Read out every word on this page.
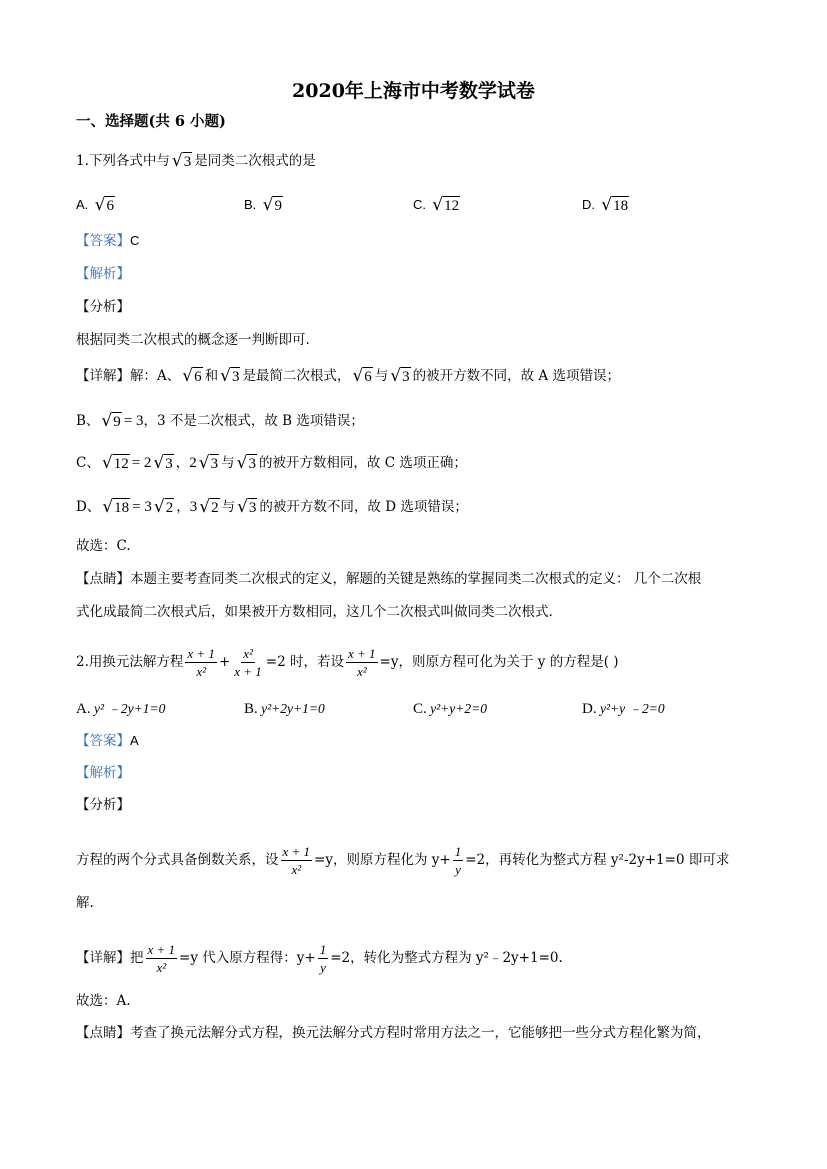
2020年上海市中考数学试卷
一、选择题(共 6 小题)
1.下列各式中与 √ 3 是同类二次根式的是
A. √ 6	B. √ 9	C. √ 12	D. √ 18
【答案】C
【解析】
【分析】
根据同类二次根式的概念逐一判断即可.
【详解】解：A、 √ 6 和 √ 3 是最简二次根式， √ 6 与 √ 3 的被开方数不同，故 A 选项错误；
B、 √ 9 = 3，3 不是二次根式，故 B 选项错误；
C、 √ 12 = 2 √ 3 ，2 √ 3 与 √ 3 的被开方数相同，故 C 选项正确；
D、 √ 18 = 3 √ 2 ，3 √ 2 与 √ 3 的被开方数不同，故 D 选项错误；
故选：C.
【点睛】本题主要考查同类二次根式的定义，解题的关键是熟练的掌握同类二次根式的定义： 几个二次根
式化成最简二次根式后，如果被开方数相同，这几个二次根式叫做同类二次根式.
2.用换元法解方程 $\frac{x + 1}{\text{x²}} + \frac{\text{x²}}{x + 1} =2$ 时，若设 $\frac{x + 1}{\text{x²}} =y$，则原方程可化为关于 y 的方程是( )
A. y² ﹣2y+1=0	B. y²+2y+1=0	C. y²+y+2=0	D. y²+y ﹣2=0
【答案】A
【解析】
【分析】
方程的两个分式具备倒数关系，设 $\frac{x + 1}{\text{x²}} =y$，则原方程化为 $y+ \frac{1}{y} =2$，再转化为整式方程 y²-2y+1=0 即可求
解.
【详解】把 $\frac{x + 1}{\text{x²}} =y$ 代入原方程得：$y+ \frac{1}{y} =2$，转化为整式方程为 y²﹣2y+1=0.
故选：A.
【点睛】考查了换元法解分式方程，换元法解分式方程时常用方法之一，它能够把一些分式方程化繁为简，
